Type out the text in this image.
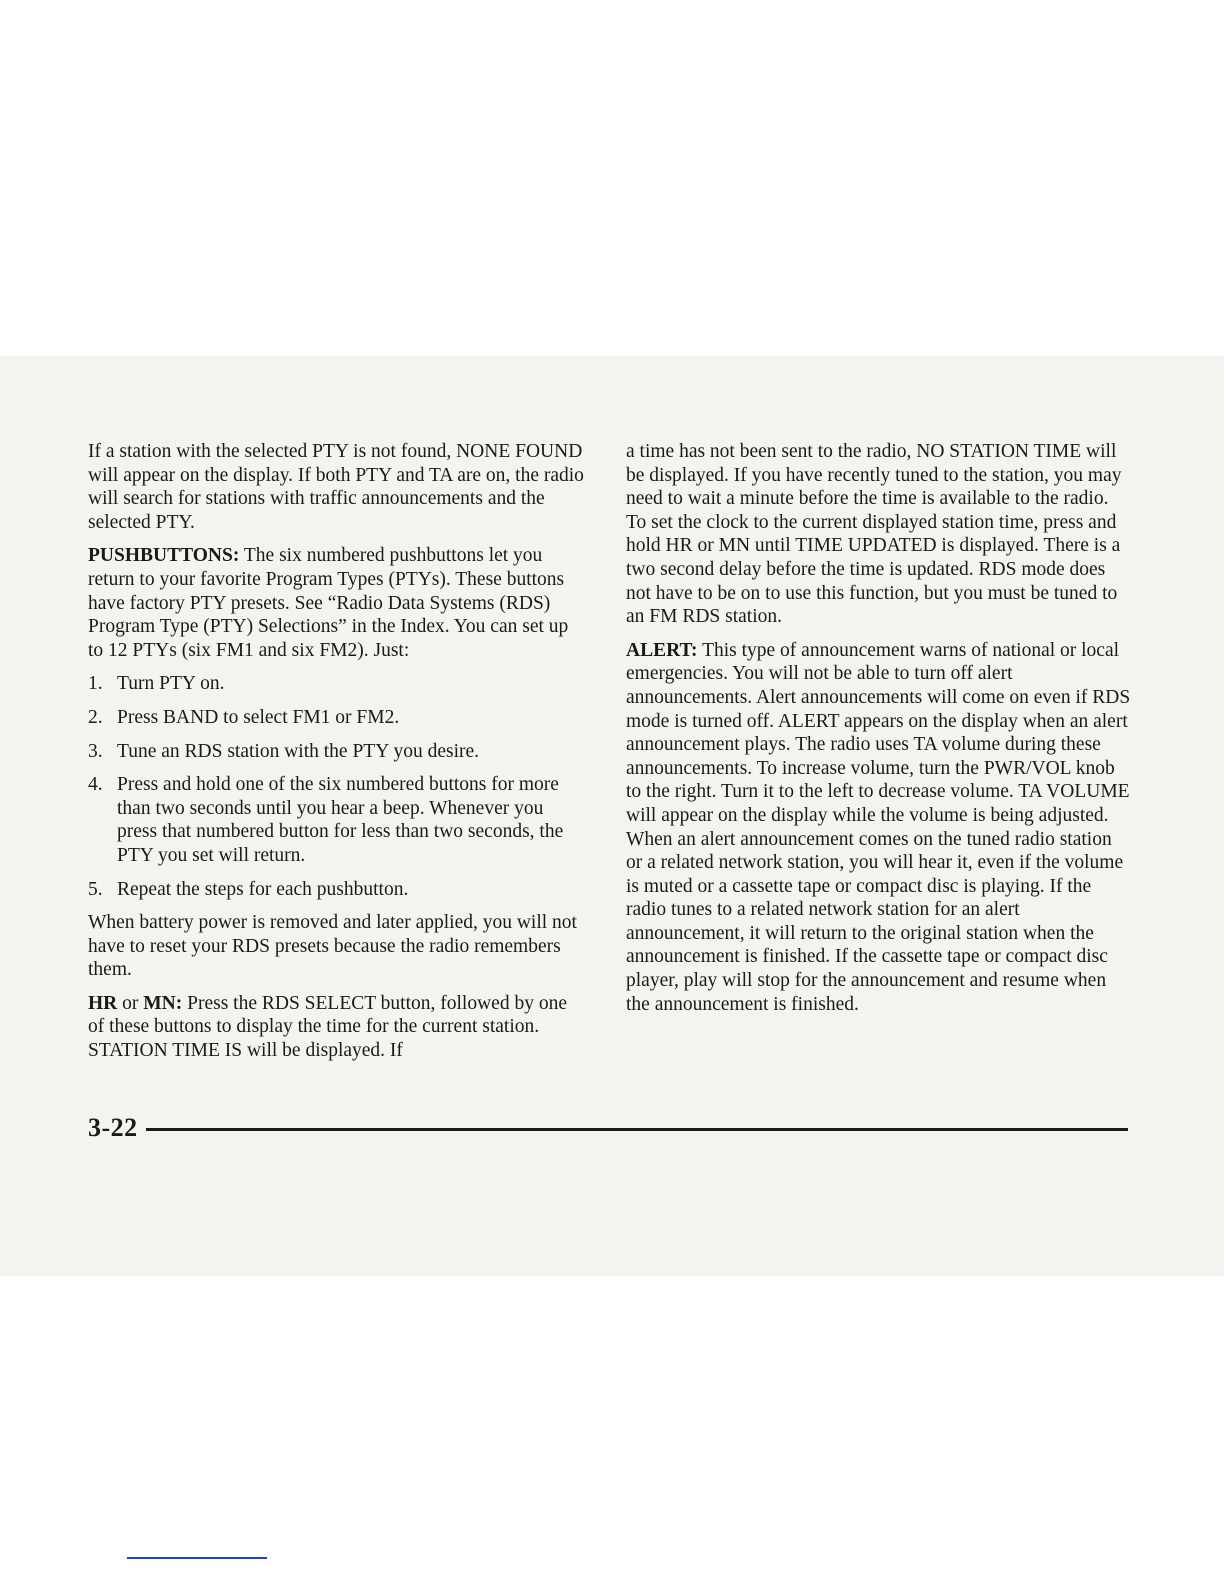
If a station with the selected PTY is not found, NONE FOUND will appear on the display. If both PTY and TA are on, the radio will search for stations with traffic announcements and the selected PTY.

PUSHBUTTONS: The six numbered pushbuttons let you return to your favorite Program Types (PTYs). These buttons have factory PTY presets. See “Radio Data Systems (RDS) Program Type (PTY) Selections” in the Index. You can set up to 12 PTYs (six FM1 and six FM2). Just:

1. Turn PTY on.
2. Press BAND to select FM1 or FM2.
3. Tune an RDS station with the PTY you desire.
4. Press and hold one of the six numbered buttons for more than two seconds until you hear a beep. Whenever you press that numbered button for less than two seconds, the PTY you set will return.
5. Repeat the steps for each pushbutton.

When battery power is removed and later applied, you will not have to reset your RDS presets because the radio remembers them.

HR or MN: Press the RDS SELECT button, followed by one of these buttons to display the time for the current station. STATION TIME IS will be displayed. If

a time has not been sent to the radio, NO STATION TIME will be displayed. If you have recently tuned to the station, you may need to wait a minute before the time is available to the radio. To set the clock to the current displayed station time, press and hold HR or MN until TIME UPDATED is displayed. There is a two second delay before the time is updated. RDS mode does not have to be on to use this function, but you must be tuned to an FM RDS station.

ALERT: This type of announcement warns of national or local emergencies. You will not be able to turn off alert announcements. Alert announcements will come on even if RDS mode is turned off. ALERT appears on the display when an alert announcement plays. The radio uses TA volume during these announcements. To increase volume, turn the PWR/VOL knob to the right. Turn it to the left to decrease volume. TA VOLUME will appear on the display while the volume is being adjusted. When an alert announcement comes on the tuned radio station or a related network station, you will hear it, even if the volume is muted or a cassette tape or compact disc is playing. If the radio tunes to a related network station for an alert announcement, it will return to the original station when the announcement is finished. If the cassette tape or compact disc player, play will stop for the announcement and resume when the announcement is finished.

3-22
